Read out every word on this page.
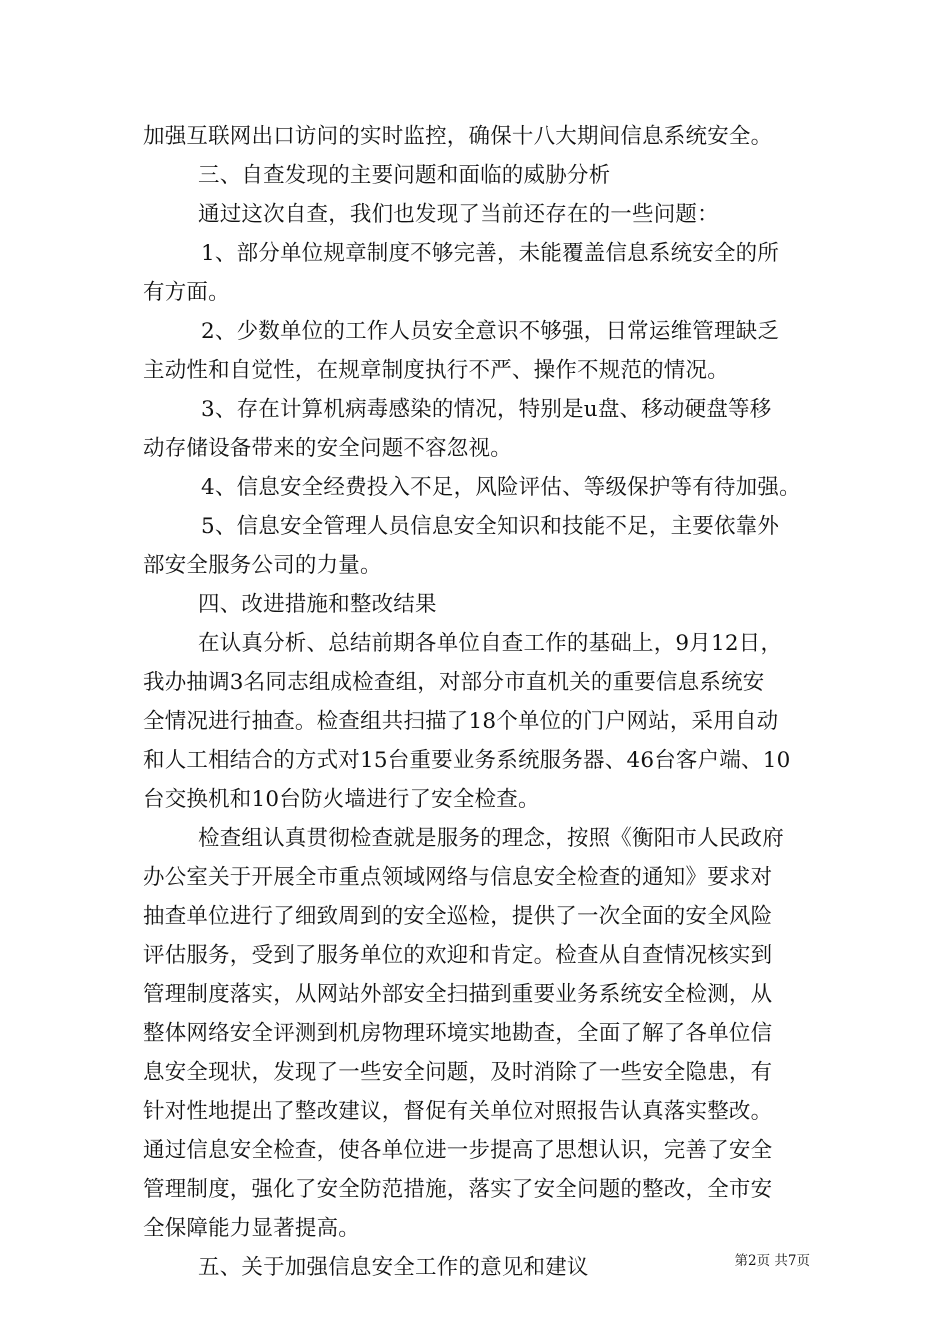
加强互联网出口访问的实时监控，确保十八大期间信息系统安全。
三、自查发现的主要问题和面临的威胁分析
通过这次自查，我们也发现了当前还存在的一些问题：
1、部分单位规章制度不够完善，未能覆盖信息系统安全的所
有方面。
2、少数单位的工作人员安全意识不够强，日常运维管理缺乏
主动性和自觉性，在规章制度执行不严、操作不规范的情况。
3、存在计算机病毒感染的情况，特别是u盘、移动硬盘等移
动存储设备带来的安全问题不容忽视。
4、信息安全经费投入不足，风险评估、等级保护等有待加强。
5、信息安全管理人员信息安全知识和技能不足，主要依靠外
部安全服务公司的力量。
四、改进措施和整改结果
在认真分析、总结前期各单位自查工作的基础上，9月12日，
我办抽调3名同志组成检查组，对部分市直机关的重要信息系统安
全情况进行抽查。检查组共扫描了18个单位的门户网站，采用自动
和人工相结合的方式对15台重要业务系统服务器、46台客户端、10
台交换机和10台防火墙进行了安全检查。
检查组认真贯彻检查就是服务的理念，按照《衡阳市人民政府
办公室关于开展全市重点领域网络与信息安全检查的通知》要求对
抽查单位进行了细致周到的安全巡检，提供了一次全面的安全风险
评估服务，受到了服务单位的欢迎和肯定。检查从自查情况核实到
管理制度落实，从网站外部安全扫描到重要业务系统安全检测，从
整体网络安全评测到机房物理环境实地勘查，全面了解了各单位信
息安全现状，发现了一些安全问题，及时消除了一些安全隐患，有
针对性地提出了整改建议，督促有关单位对照报告认真落实整改。
通过信息安全检查，使各单位进一步提高了思想认识，完善了安全
管理制度，强化了安全防范措施，落实了安全问题的整改，全市安
全保障能力显著提高。
五、关于加强信息安全工作的意见和建议	第2页 共7页
